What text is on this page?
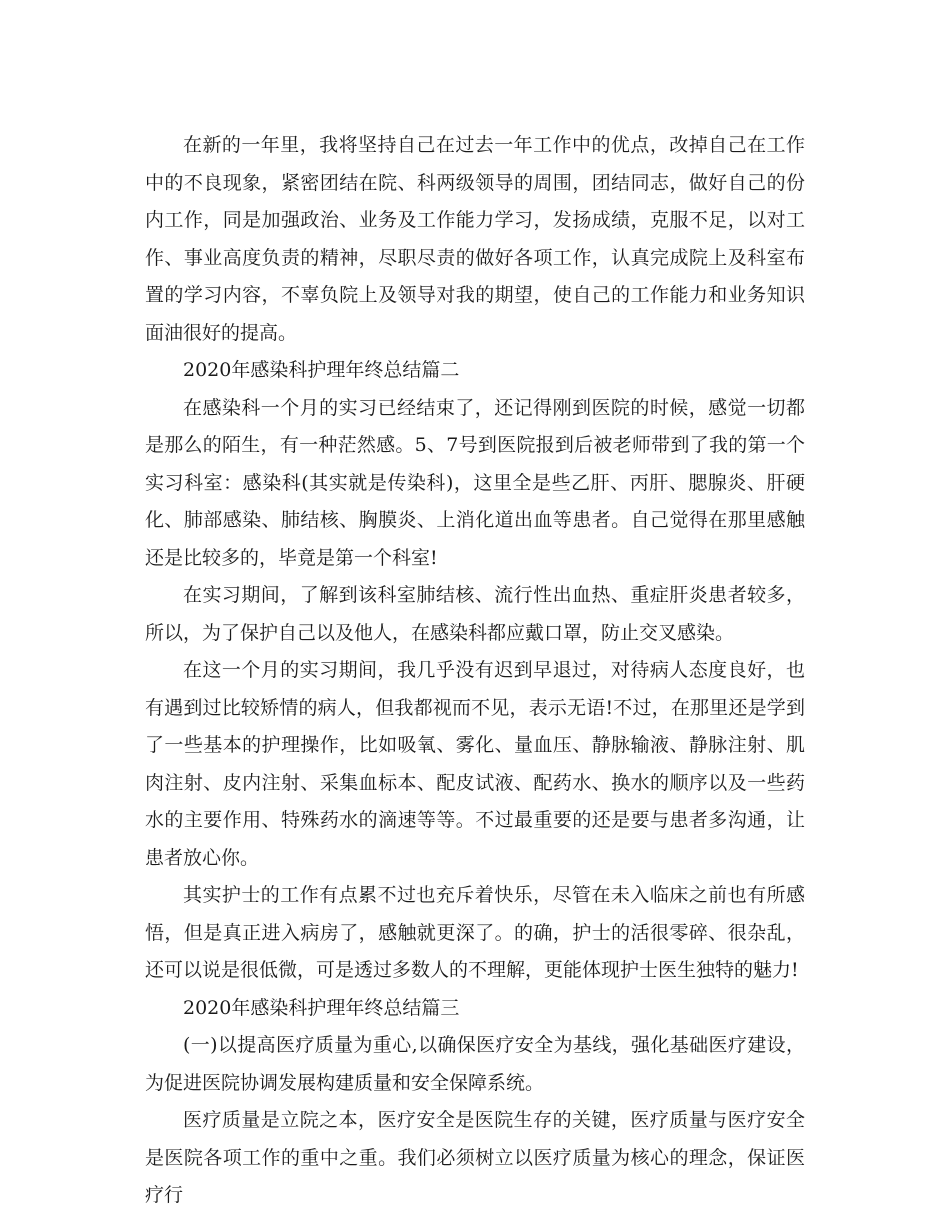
在新的一年里，我将坚持自己在过去一年工作中的优点，改掉自己在工作中的不良现象，紧密团结在院、科两级领导的周围，团结同志，做好自己的份内工作，同是加强政治、业务及工作能力学习，发扬成绩，克服不足，以对工作、事业高度负责的精神，尽职尽责的做好各项工作，认真完成院上及科室布置的学习内容，不辜负院上及领导对我的期望，使自己的工作能力和业务知识面油很好的提高。

2020年感染科护理年终总结篇二

在感染科一个月的实习已经结束了，还记得刚到医院的时候，感觉一切都是那么的陌生，有一种茫然感。5、7号到医院报到后被老师带到了我的第一个实习科室：感染科(其实就是传染科)，这里全是些乙肝、丙肝、腮腺炎、肝硬化、肺部感染、肺结核、胸膜炎、上消化道出血等患者。自己觉得在那里感触还是比较多的，毕竟是第一个科室!

在实习期间，了解到该科室肺结核、流行性出血热、重症肝炎患者较多，所以，为了保护自己以及他人，在感染科都应戴口罩，防止交叉感染。

在这一个月的实习期间，我几乎没有迟到早退过，对待病人态度良好，也有遇到过比较矫情的病人，但我都视而不见，表示无语!不过，在那里还是学到了一些基本的护理操作，比如吸氧、雾化、量血压、静脉输液、静脉注射、肌肉注射、皮内注射、采集血标本、配皮试液、配药水、换水的顺序以及一些药水的主要作用、特殊药水的滴速等等。不过最重要的还是要与患者多沟通，让患者放心你。

其实护士的工作有点累不过也充斥着快乐，尽管在未入临床之前也有所感悟，但是真正进入病房了，感触就更深了。的确，护士的活很零碎、很杂乱，还可以说是很低微，可是透过多数人的不理解，更能体现护士医生独特的魅力!

2020年感染科护理年终总结篇三

(一)以提高医疗质量为重心,以确保医疗安全为基线，强化基础医疗建设，为促进医院协调发展构建质量和安全保障系统。

医疗质量是立院之本，医疗安全是医院生存的关键，医疗质量与医疗安全是医院各项工作的重中之重。我们必须树立以医疗质量为核心的理念，保证医疗行
